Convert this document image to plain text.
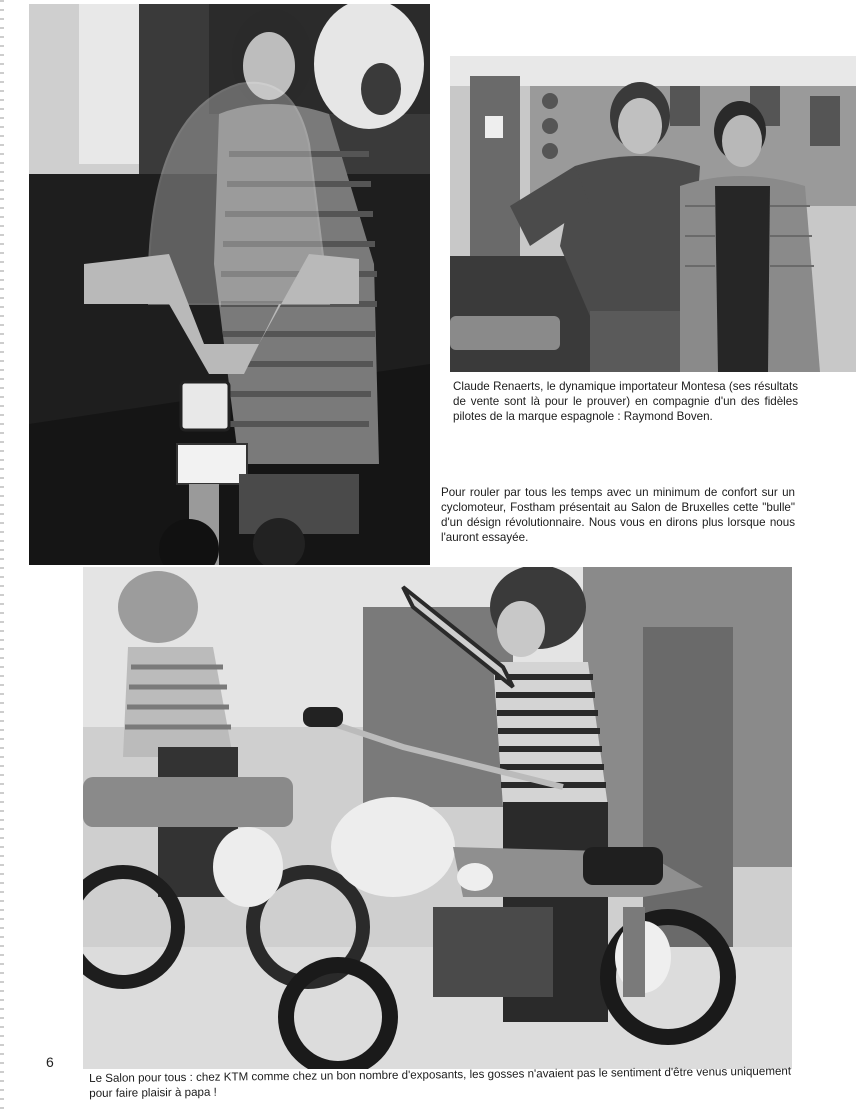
Claude Renaerts, le dynamique importateur Montesa (ses résultats de vente sont là pour le prouver) en compagnie d'un des fidèles pilotes de la marque espagnole : Raymond Boven.

Pour rouler par tous les temps avec un minimum de confort sur un cyclomoteur, Fostham présentait au Salon de Bruxelles cette "bulle" d'un désign révolutionnaire. Nous vous en dirons plus lorsque nous l'auront essayée.

Le Salon pour tous : chez KTM comme chez un bon nombre d'exposants, les gosses n'avaient pas le sentiment d'être venus uniquement pour faire plaisir à papa !

6
